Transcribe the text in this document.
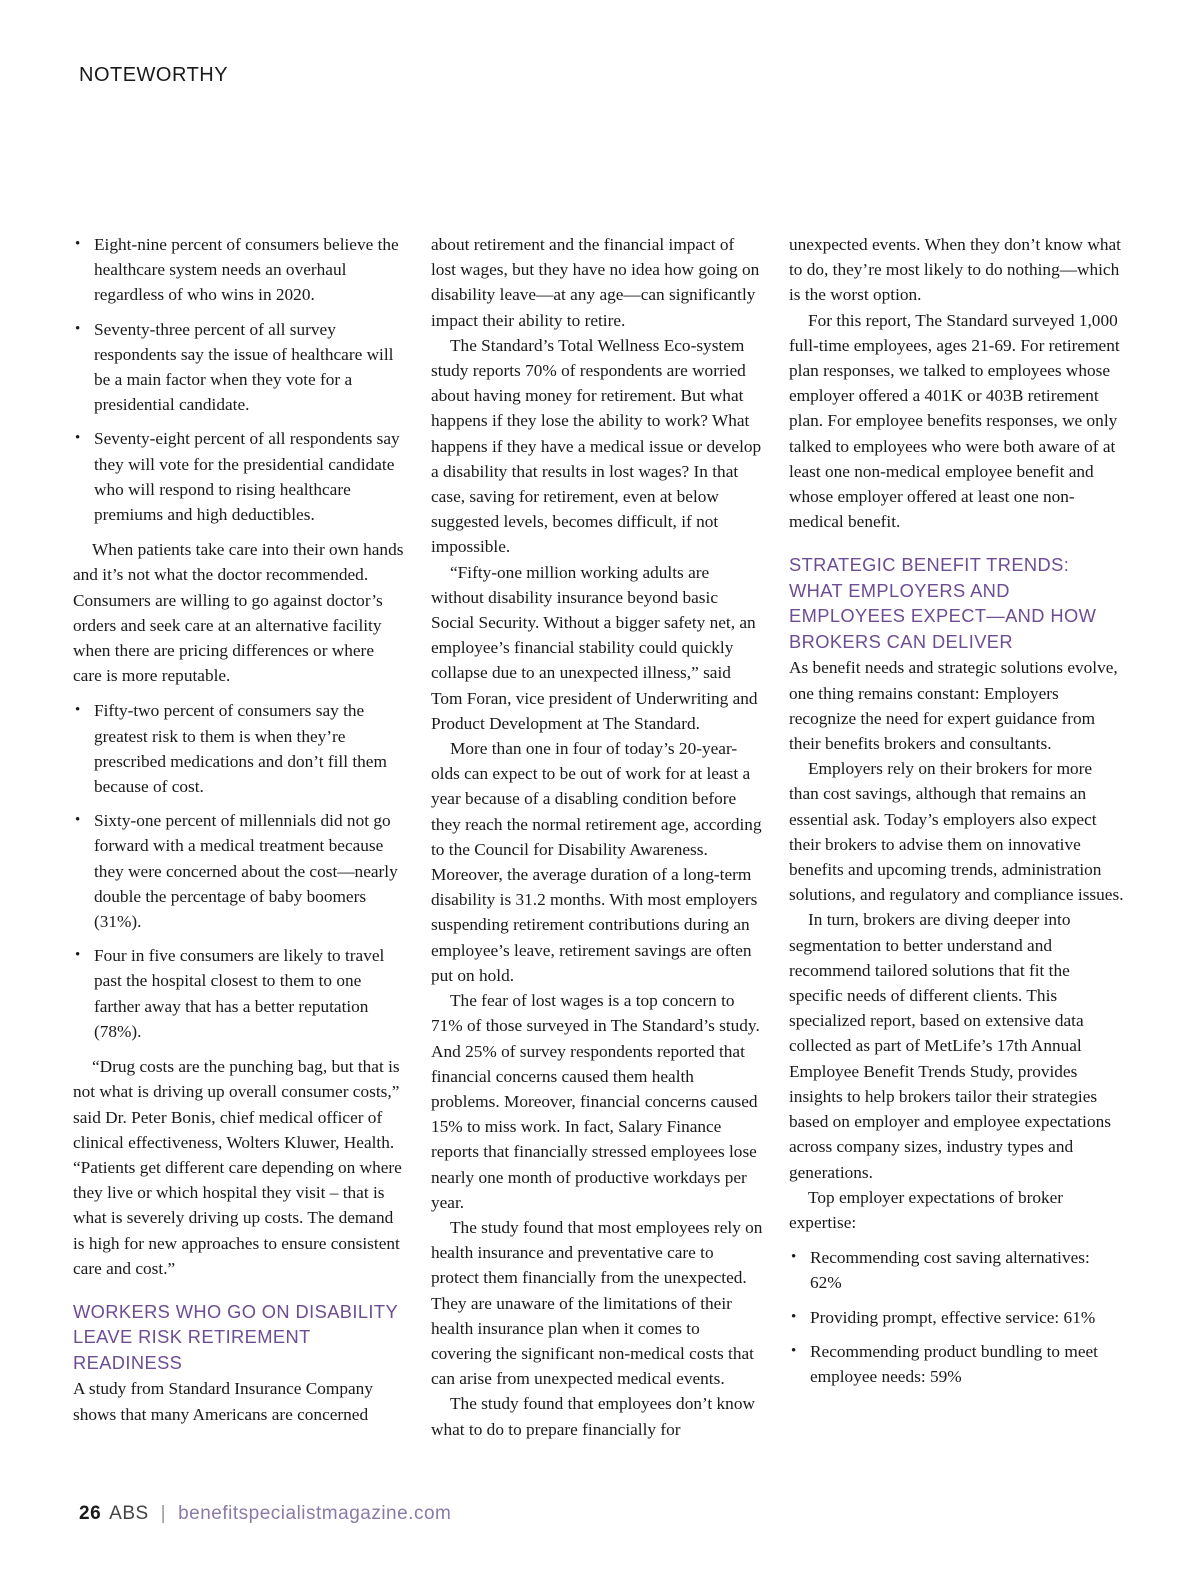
NOTEWORTHY
• Eight-nine percent of consumers believe the healthcare system needs an overhaul regardless of who wins in 2020.
• Seventy-three percent of all survey respondents say the issue of healthcare will be a main factor when they vote for a presidential candidate.
• Seventy-eight percent of all respondents say they will vote for the presidential candidate who will respond to rising healthcare premiums and high deductibles.

When patients take care into their own hands and it’s not what the doctor recommended. Consumers are willing to go against doctor’s orders and seek care at an alternative facility when there are pricing differences or where care is more reputable.

• Fifty-two percent of consumers say the greatest risk to them is when they’re prescribed medications and don’t fill them because of cost.
• Sixty-one percent of millennials did not go forward with a medical treatment because they were concerned about the cost—nearly double the percentage of baby boomers (31%).
• Four in five consumers are likely to travel past the hospital closest to them to one farther away that has a better reputation (78%).

“Drug costs are the punching bag, but that is not what is driving up overall consumer costs,” said Dr. Peter Bonis, chief medical officer of clinical effectiveness, Wolters Kluwer, Health. “Patients get different care depending on where they live or which hospital they visit – that is what is severely driving up costs. The demand is high for new approaches to ensure consistent care and cost.”

WORKERS WHO GO ON DISABILITY LEAVE RISK RETIREMENT READINESS

A study from Standard Insurance Company shows that many Americans are concerned

about retirement and the financial impact of lost wages, but they have no idea how going on disability leave—at any age—can significantly impact their ability to retire.

The Standard’s Total Wellness Eco-system study reports 70% of respondents are worried about having money for retirement. But what happens if they lose the ability to work? What happens if they have a medical issue or develop a disability that results in lost wages? In that case, saving for retirement, even at below suggested levels, becomes difficult, if not impossible.

“Fifty-one million working adults are without disability insurance beyond basic Social Security. Without a bigger safety net, an employee’s financial stability could quickly collapse due to an unexpected illness,” said Tom Foran, vice president of Underwriting and Product Development at The Standard.

More than one in four of today’s 20-year-olds can expect to be out of work for at least a year because of a disabling condition before they reach the normal retirement age, according to the Council for Disability Awareness. Moreover, the average duration of a long-term disability is 31.2 months. With most employers suspending retirement contributions during an employee’s leave, retirement savings are often put on hold.

The fear of lost wages is a top concern to 71% of those surveyed in The Standard’s study. And 25% of survey respondents reported that financial concerns caused them health problems. Moreover, financial concerns caused 15% to miss work. In fact, Salary Finance reports that financially stressed employees lose nearly one month of productive workdays per year.

The study found that most employees rely on health insurance and preventative care to protect them financially from the unexpected. They are unaware of the limitations of their health insurance plan when it comes to covering the significant non-medical costs that can arise from unexpected medical events.

The study found that employees don’t know what to do to prepare financially for

unexpected events. When they don’t know what to do, they’re most likely to do nothing—which is the worst option.

For this report, The Standard surveyed 1,000 full-time employees, ages 21-69. For retirement plan responses, we talked to employees whose employer offered a 401K or 403B retirement plan. For employee benefits responses, we only talked to employees who were both aware of at least one non-medical employee benefit and whose employer offered at least one non-medical benefit.

STRATEGIC BENEFIT TRENDS: WHAT EMPLOYERS AND EMPLOYEES EXPECT—AND HOW BROKERS CAN DELIVER

As benefit needs and strategic solutions evolve, one thing remains constant: Employers recognize the need for expert guidance from their benefits brokers and consultants.

Employers rely on their brokers for more than cost savings, although that remains an essential ask. Today’s employers also expect their brokers to advise them on innovative benefits and upcoming trends, administration solutions, and regulatory and compliance issues.

In turn, brokers are diving deeper into segmentation to better understand and recommend tailored solutions that fit the specific needs of different clients. This specialized report, based on extensive data collected as part of MetLife’s 17th Annual Employee Benefit Trends Study, provides insights to help brokers tailor their strategies based on employer and employee expectations across company sizes, industry types and generations.

Top employer expectations of broker expertise:

• Recommending cost saving alternatives: 62%
• Providing prompt, effective service: 61%
• Recommending product bundling to meet employee needs: 59%
26 ABS | benefitspecialistmagazine.com
